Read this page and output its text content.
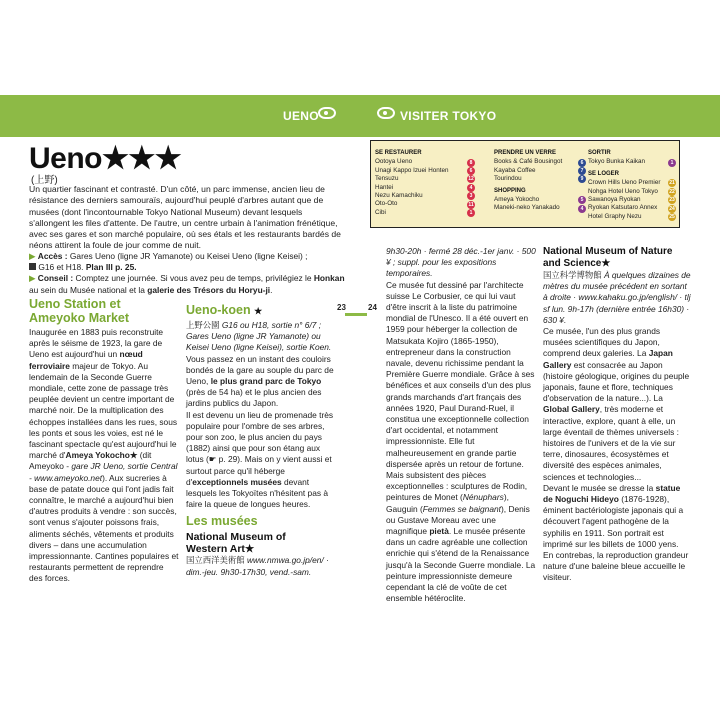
UENO	VISITER TOKYO
Ueno★★★
(上野)
Un quartier fascinant et contrasté. D'un côté, un parc immense, ancien lieu de résistance des derniers samouraïs, aujourd'hui peuplé d'arbres autant que de musées (dont l'incontournable Tokyo National Museum) devant lesquels s'allongent les files d'attente. De l'autre, un centre urbain à l'animation frénétique, avec ses gares et son marché populaire, où ses étals et les restaurants bardés de néons attirent la foule de jour comme de nuit.
▶ Accès : Gares Ueno (ligne JR Yamanote) ou Keisei Ueno (ligne Keisei) ;
G16 et H18. Plan III p. 25.
▶ Conseil : Comptez une journée. Si vous avez peu de temps, privilégiez le Honkan au sein du Musée national et la galerie des Trésors du Horyu-ji.
Ueno Station et Ameyoko Market
Inaugurée en 1883 puis reconstruite après le séisme de 1923, la gare de Ueno est aujourd'hui un nœud ferroviaire majeur de Tokyo. Au lendemain de la Seconde Guerre mondiale, cette zone de passage très peuplée devient un centre important de marché noir. De la multiplication des échoppes installées dans les rues, sous les ponts et sous les voies, est né le fascinant spectacle qu'est aujourd'hui le marché d'Ameya Yokocho★ (dit Ameyoko - gare JR Ueno, sortie Central - www.ameyoko.net). Aux sucreries à base de patate douce qui l'ont jadis fait connaître, le marché a aujourd'hui bien d'autres produits à vendre : son succès, sont venus s'ajouter poissons frais, aliments séchés, vêtements et produits divers – dans une accumulation impressionnante. Cantines populaires et restaurants permettent de reprendre des forces.
Ueno-koen ★
上野公園 G16 ou H18, sortie n° 6/7 ; Gares Ueno (ligne JR Yamanote) ou Keisei Ueno (ligne Keisei), sortie Koen. Vous passez en un instant des couloirs bondés de la gare au souple du parc de Ueno, le plus grand parc de Tokyo (près de 54 ha) et le plus ancien des jardins publics du Japon.
Il est devenu un lieu de promenade très populaire pour l'ombre de ses arbres, pour son zoo, le plus ancien du pays (1882) ainsi que pour son étang aux lotus (☛ p. 29). Mais on y vient aussi et surtout parce qu'il héberge d'exceptionnels musées devant lesquels les Tokyoïtes n'hésitent pas à faire la queue de longues heures.
Les musées
National Museum of Western Art★
国立西洋美術館 www.nmwa.go.jp/en/ · dim.-jeu. 9h30-17h30, vend.-sam.
23	24
9h30-20h · fermé 28 déc.-1er janv. · 500 ¥ ; suppl. pour les expositions temporaires.
Ce musée fut dessiné par l'architecte suisse Le Corbusier, ce qui lui vaut d'être inscrit à la liste du patrimoine mondial de l'Unesco. Il a été ouvert en 1959 pour héberger la collection de Matsukata Kojiro (1865-1950), entrepreneur dans la construction navale, devenu richissime pendant la Première Guerre mondiale. Grâce à ses bénéfices et aux conseils d'un des plus grands marchands d'art français des années 1920, Paul Durand-Ruel, il constitua une exceptionnelle collection d'art occidental, et notamment impressionniste. Elle fut malheureusement en grande partie dispersée après un retour de fortune. Mais subsistent des pièces exceptionnelles : sculptures de Rodin, peintures de Monet (Nénuphars), Gauguin (Femmes se baignant), Denis ou Gustave Moreau avec une magnifique pietà. Le musée présente dans un cadre agréable une collection enrichie qui s'étend de la Renaissance jusqu'à la Seconde Guerre mondiale. La peinture impressionniste demeure cependant la clé de voûte de cet ensemble hétéroclite.
National Museum of Nature and Science★
国立科学博物館 À quelques dizaines de mètres du musée précédent en sortant à droite · www.kahaku.go.jp/english/ · tlj sf lun. 9h-17h (dernière entrée 16h30) · 630 ¥.
Ce musée, l'un des plus grands musées scientifiques du Japon, comprend deux galeries. La Japan Gallery est consacrée au Japon (histoire géologique, origines du peuple japonais, faune et flore, techniques d'observation de la nature...). La Global Gallery, très moderne et interactive, explore, quant à elle, un large éventail de thèmes universels : histoires de l'univers et de la vie sur terre, dinosaures, écosystèmes et diversité des espèces animales, sciences et technologies...
Devant le musée se dresse la statue de Noguchi Hideyo (1876-1928), éminent bactériologiste japonais qui a découvert l'agent pathogène de la syphilis en 1911. Son portrait est imprimé sur les billets de 1000 yens. En contrebas, la reproduction grandeur nature d'une baleine bleue accueille le visiteur.
SE RESTAURER
Ootoya Ueno	8
Unagi Kappo Izuei Honten	6
Tensuzu	12
Hantei	4
Nezu Kamachiku	3
Oto-Oto	11
Cibi	1
PRENDRE UN VERRE
Books & Café Bousingot	6
Kayaba Coffee	7
Tourindou	9
SHOPPING
Ameya Yokocho	5
Maneki-neko Yanakado	4
SORTIR
Tokyo Bunka Kaikan	1
SE LOGER
Crown Hills Ueno Premier 21
Nohga Hotel Ueno Tokyo 22
Sawanoya Ryokan	23
Ryokan Katsutaro Annex 24
Hotel Graphy Nezu	25
